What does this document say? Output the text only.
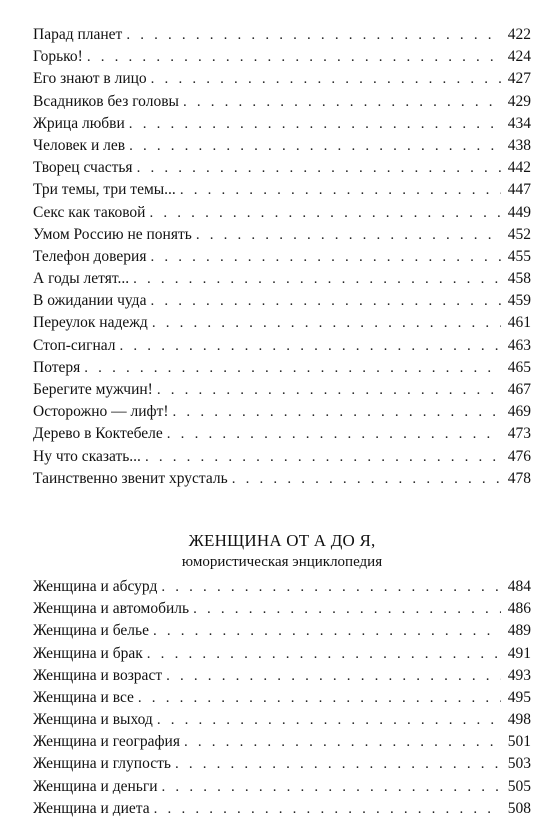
Парад планет . . .	422
Горько! . . .	424
Его знают в лицо . . .	427
Всадников без головы . . .	429
Жрица любви . . .	434
Человек и лев . . .	438
Творец счастья . . .	442
Три темы, три темы... . . .	447
Секс как таковой . . .	449
Умом Россию не понять . . .	452
Телефон доверия . . .	455
А годы летят... . . .	458
В ожидании чуда . . .	459
Переулок надежд . . .	461
Стоп-сигнал . . .	463
Потеря . . .	465
Берегите мужчин! . . .	467
Осторожно — лифт! . . .	469
Дерево в Коктебеле . . .	473
Ну что сказать... . . .	476
Таинственно звенит хрусталь . . .	478
ЖЕНЩИНА ОТ А ДО Я,
юмористическая энциклопедия
Женщина и абсурд . . .	484
Женщина и автомобиль . . .	486
Женщина и белье . . .	489
Женщина и брак . . .	491
Женщина и возраст . . .	493
Женщина и все . . .	495
Женщина и выход . . .	498
Женщина и география . . .	501
Женщина и глупость . . .	503
Женщина и деньги . . .	505
Женщина и диета . . .	508
